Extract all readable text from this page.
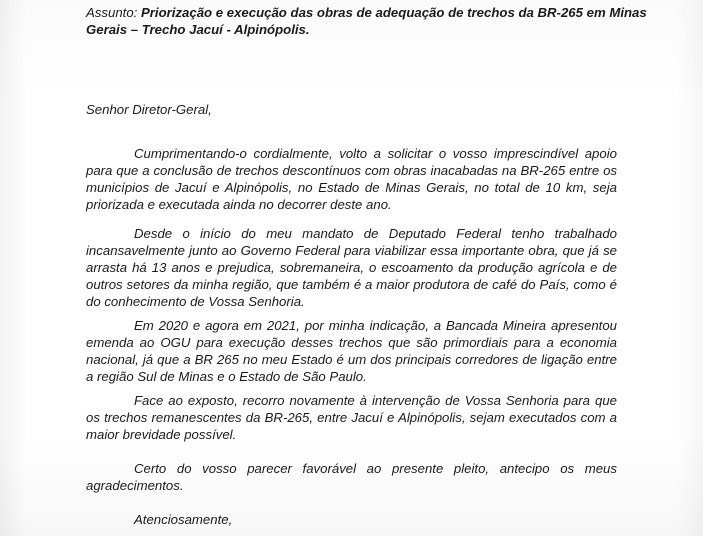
Assunto: Priorização e execução das obras de adequação de trechos da BR-265 em Minas Gerais – Trecho Jacuí - Alpinópolis.
Senhor Diretor-Geral,

Cumprimentando-o cordialmente, volto a solicitar o vosso imprescindível apoio para que a conclusão de trechos descontínuos com obras inacabadas na BR-265 entre os municípios de Jacuí e Alpinópolis, no Estado de Minas Gerais, no total de 10 km, seja priorizada e executada ainda no decorrer deste ano.

Desde o início do meu mandato de Deputado Federal tenho trabalhado incansavelmente junto ao Governo Federal para viabilizar essa importante obra, que já se arrasta há 13 anos e prejudica, sobremaneira, o escoamento da produção agrícola e de outros setores da minha região, que também é a maior produtora de café do País, como é do conhecimento de Vossa Senhoria.

Em 2020 e agora em 2021, por minha indicação, a Bancada Mineira apresentou emenda ao OGU para execução desses trechos que são primordiais para a economia nacional, já que a BR 265 no meu Estado é um dos principais corredores de ligação entre a região Sul de Minas e o Estado de São Paulo.

Face ao exposto, recorro novamente à intervenção de Vossa Senhoria para que os trechos remanescentes da BR-265, entre Jacuí e Alpinópolis, sejam executados com a maior brevidade possível.

Certo do vosso parecer favorável ao presente pleito, antecipo os meus agradecimentos.

Atenciosamente,
